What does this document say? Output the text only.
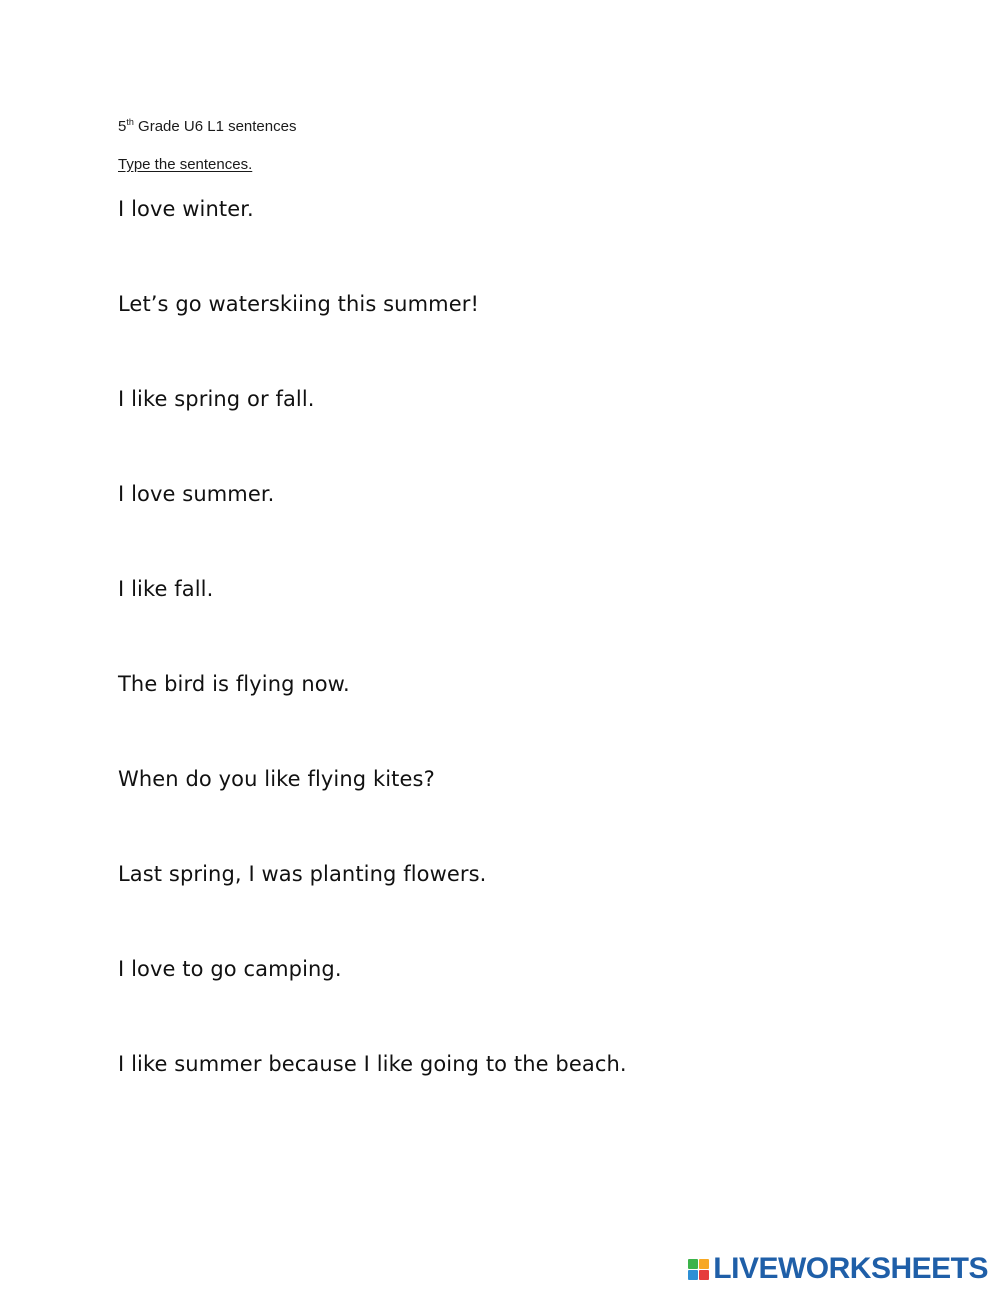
5th Grade U6 L1 sentences
Type the sentences.
I love winter.
Let’s go waterskiing this summer!
I like spring or fall.
I love summer.
I like fall.
The bird is flying now.
When do you like flying kites?
Last spring, I was planting flowers.
I love to go camping.
I like summer because I like going to the beach.
LIVEWORKSHEETS
